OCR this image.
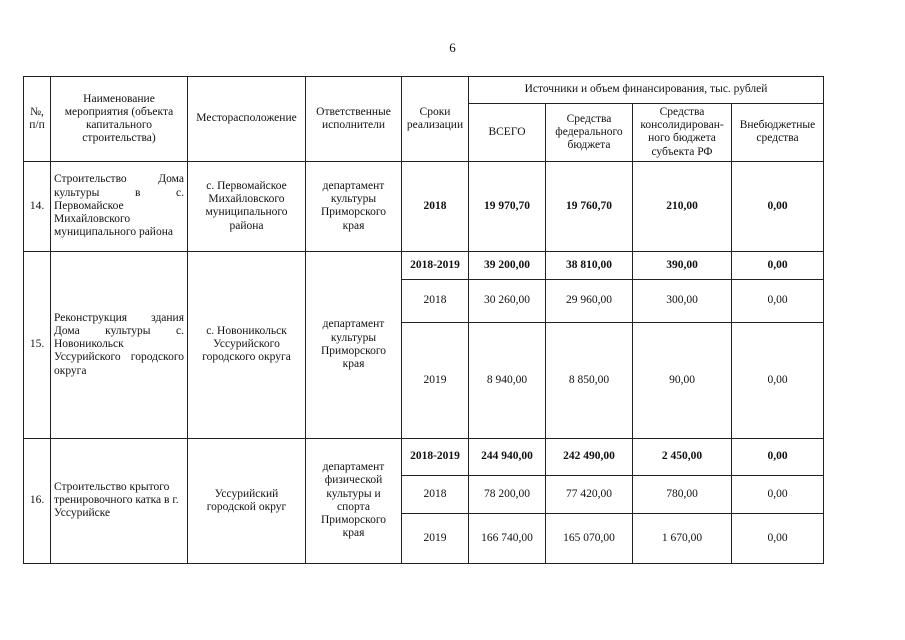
6
№, п/п	Наименование мероприятия (объекта капитального строительства)	Месторасположение	Ответственные исполнители	Сроки реализации	Источники и объем финансирования, тыс. рублей			
					ВСЕГО	Средства федерального бюджета	Средства консолидирован-ного бюджета субъекта РФ	Внебюджетные средства
14.	Строительство Дома культуры в с. Первомайское Михайловского муниципального района	с. Первомайское Михайловского муниципального района	департамент культуры Приморского края	2018	19 970,70	19 760,70	210,00	0,00
15.	Реконструкция здания Дома культуры с. Новоникольск Уссурийского городского округа	с. Новоникольск Уссурийского городского округа	департамент культуры Приморского края	2018-2019	39 200,00	38 810,00	390,00	0,00
				2018	30 260,00	29 960,00	300,00	0,00
				2019	8 940,00	8 850,00	90,00	0,00
16.	Строительство крытого тренировочного катка в г. Уссурийске	Уссурийский городской округ	департамент физической культуры и спорта Приморского края	2018-2019	244 940,00	242 490,00	2 450,00	0,00
				2018	78 200,00	77 420,00	780,00	0,00
				2019	166 740,00	165 070,00	1 670,00	0,00
